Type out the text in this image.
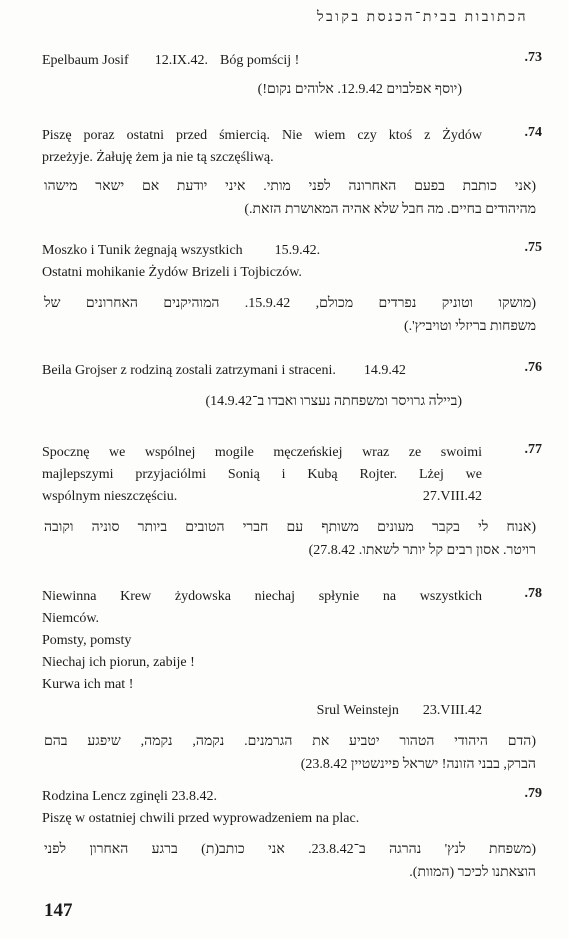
הכתובות בבית־הכנסת בקובל
.73
Epelbaum Josif 12.IX.42. Bóg pomścij !
(יוסף אפלבוים 12.9.42. אלוהים נקום!)
.74
Piszę poraz ostatni przed śmiercią. Nie wiem czy ktoś z Żydów
przeżyje. Żałuję żem ja nie tą szczęśliwą.
(אני כותבת בפעם האחרונה לפני מותי. איני יודעת אם ישאר מישהו
מהיהודים בחיים. מה חבל שלא אהיה המאושרת הזאת.)
.75
Moszko i Tunik żegnają wszystkich 15.9.42.
Ostatni mohikanie Żydów Brizeli i Tojbiczów.
(מושקו וטוניק נפרדים מכולם, 15.9.42. המוהיקנים האחרונים של
משפחות בריזלי וטויביץ'.)
.76
Beila Grojser z rodziną zostali zatrzymani i straceni. 14.9.42
(ביילה גרויסר ומשפחתה נעצרו ואבדו ב־14.9.42)
.77
Spocznę we wspólnej mogile męczeńskiej wraz ze swoimi
majlepszymi przyjaciólmi Sonią i Kubą Rojter. Lżej we
wspólnym nieszczęściu.	27.VIII.42
(אנוח לי בקבר מעונים משותף עם חברי הטובים ביותר סוניה וקובה
רויטר. אסון רבים קל יותר לשאתו. 27.8.42)
.78
Niewinna Krew żydowska niechaj spłynie na wszystkich
Niemców.
Pomsty, pomsty
Niechaj ich piorun, zabije !
Kurwa ich mat !
Srul Weinstejn 23.VIII.42
(הדם היהודי הטהור יטביע את הגרמנים. נקמה, נקמה, שיפגע בהם
הברק, בבני הזונה! ישראל פיינשטיין 23.8.42)
.79
Rodzina Lencz zginęli 23.8.42.
Piszę w ostatniej chwili przed wyprowadzeniem na plac.
(משפחת לנץ' נהרגה ב־23.8.42. אני כותב(ת) ברגע האחרון לפני
הוצאתנו לכיכר (המוות).
147
